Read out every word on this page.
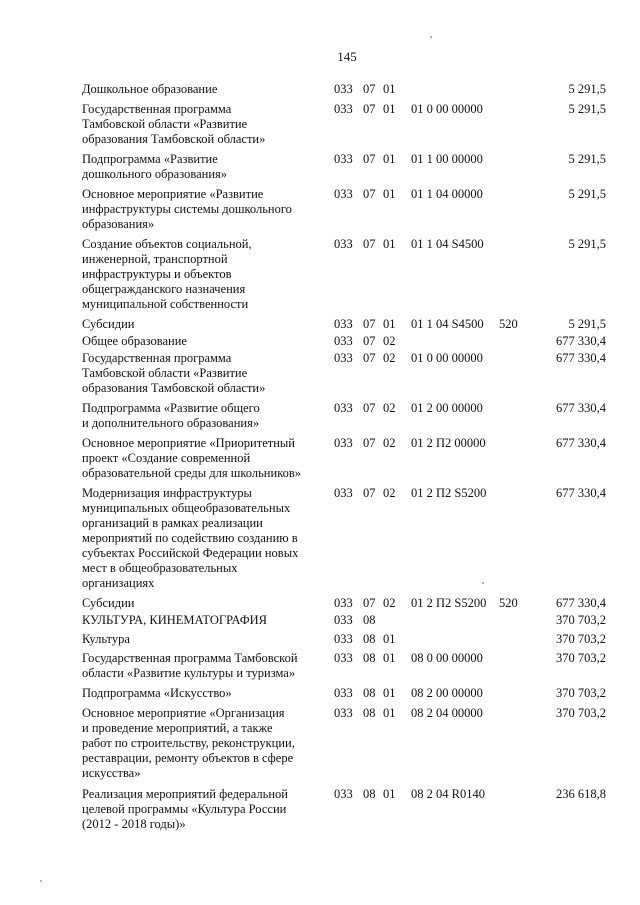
145
Дошкольное образование	033 07 01	5 291,5
Государственная программа
Тамбовской области «Развитие
образования Тамбовской области»
033 07 01 01 0 00 00000	5 291,5
Подпрограмма «Развитие
дошкольного образования»
033 07 01 01 1 00 00000	5 291,5
Основное мероприятие «Развитие
инфраструктуры системы дошкольного
образования»
033 07 01 01 1 04 00000	5 291,5
Создание объектов социальной,
инженерной, транспортной
инфраструктуры и объектов
общегражданского назначения
муниципальной собственности
033 07 01 01 1 04 S4500	5 291,5
Субсидии	033 07 01 01 1 04 S4500 520	5 291,5
Общее образование	033 07 02	677 330,4
Государственная программа
Тамбовской области «Развитие
образования Тамбовской области»
033 07 02 01 0 00 00000	677 330,4
Подпрограмма «Развитие общего
и дополнительного образования»
033 07 02 01 2 00 00000	677 330,4
Основное мероприятие «Приоритетный
проект «Создание современной
образовательной среды для школьников»
033 07 02 01 2 П2 00000	677 330,4
Модернизация инфраструктуры
муниципальных общеобразовательных
организаций в рамках реализации
мероприятий по содействию созданию в
субъектах Российской Федерации новых
мест в общеобразовательных
организациях
033 07 02 01 2 П2 S5200	677 330,4
Субсидии	033 07 02 01 2 П2 S5200 520	677 330,4
КУЛЬТУРА, КИНЕМАТОГРАФИЯ	033 08	370 703,2
Культура	033 08 01	370 703,2
Государственная программа Тамбовской
области «Развитие культуры и туризма»
033 08 01 08 0 00 00000	370 703,2
Подпрограмма «Искусство»	033 08 01 08 2 00 00000	370 703,2
Основное мероприятие «Организация
и проведение мероприятий, а также
работ по строительству, реконструкции,
реставрации, ремонту объектов в сфере
искусства»
033 08 01 08 2 04 00000	370 703,2
Реализация мероприятий федеральной
целевой программы «Культура России
(2012 - 2018 годы)»
033 08 01 08 2 04 R0140	236 618,8
